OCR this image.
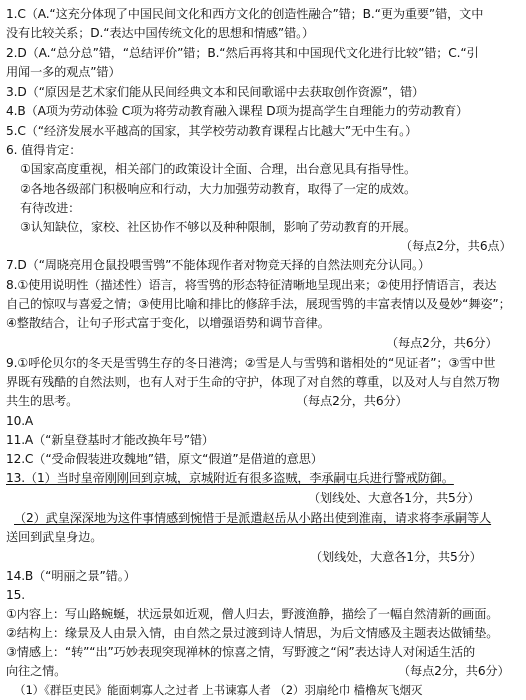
1.C（A.“这充分体现了中国民间文化和西方文化的创造性融合”错；B.“更为重要”错，文中
没有比较关系；D.“表达中国传统文化的思想和情感”错。）
2.D（A.“总分总”错，“总结评价”错；B.“然后再将其和中国现代文化进行比较”错；C.“引
用闻一多的观点”错）
3.D（“原因是艺术家们能从民间经典文本和民间歌谣中去获取创作资源”，错）
4.B（A项为劳动体验 C项为将劳动教育融入课程 D项为提高学生自理能力的劳动教育）
5.C（“经济发展水平越高的国家，其学校劳动教育课程占比越大”无中生有。）
6. 值得肯定：
①国家高度重视，相关部门的政策设计全面、合理，出台意见具有指导性。
②各地各级部门积极响应和行动，大力加强劳动教育，取得了一定的成效。
有待改进：
③认知缺位，家校、社区协作不够以及种种限制，影响了劳动教育的开展。
（每点2分，共6点）
7.D（“周晓亮用仓鼠投喂雪鸮”不能体现作者对物竞天择的自然法则充分认同。）
8.①使用说明性（描述性）语言，将雪鸮的形态特征清晰地呈现出来；②使用抒情语言，表达
自己的惊叹与喜爱之情；③使用比喻和排比的修辞手法，展现雪鸮的丰富表情以及曼妙“舞姿”；
④整散结合，让句子形式富于变化，以增强语势和调节音律。
（每点2分，共6分）
9.①呼伦贝尔的冬天是雪鸮生存的冬日港湾；②雪是人与雪鸮和谐相处的“见证者”；③雪中世
界既有残酷的自然法则，也有人对于生命的守护，体现了对自然的尊重，以及对人与自然万物
共生的思考。	（每点2分，共6分）
10.A
11.A（“新皇登基时才能改换年号”错）
12.C（“受命假装进攻魏地”错，原文“假道”是借道的意思）
13.（1）当时皇帝刚刚回到京城，京城附近有很多盗贼，李承嗣屯兵进行警戒防御。
（划线处、大意各1分，共5分）
（2）武皇深深地为这件事情感到惋惜于是派遣赵岳从小路出使到淮南，请求将李承嗣等人
送回到武皇身边。
（划线处，大意各1分，共5分）
14.B（“明丽之景”错。）
15.
①内容上：写山路蜿蜒，状远景如近观，僧人归去，野渡渔静，描绘了一幅自然清新的画面。
②结构上：缘景及人由景入情，由自然之景过渡到诗人情思，为后文情感及主题表达做铺垫。
③情感上：“转”“出”巧妙表现突现禅林的惊喜之情，写野渡之“闲”表达诗人对闲适生活的
向往之情。	（每点2分，共6分）
（1）《群臣吏民》能面刺寡人之过者 上书谏寡人者 （2）羽扇纶巾 樯橹灰飞烟灭
